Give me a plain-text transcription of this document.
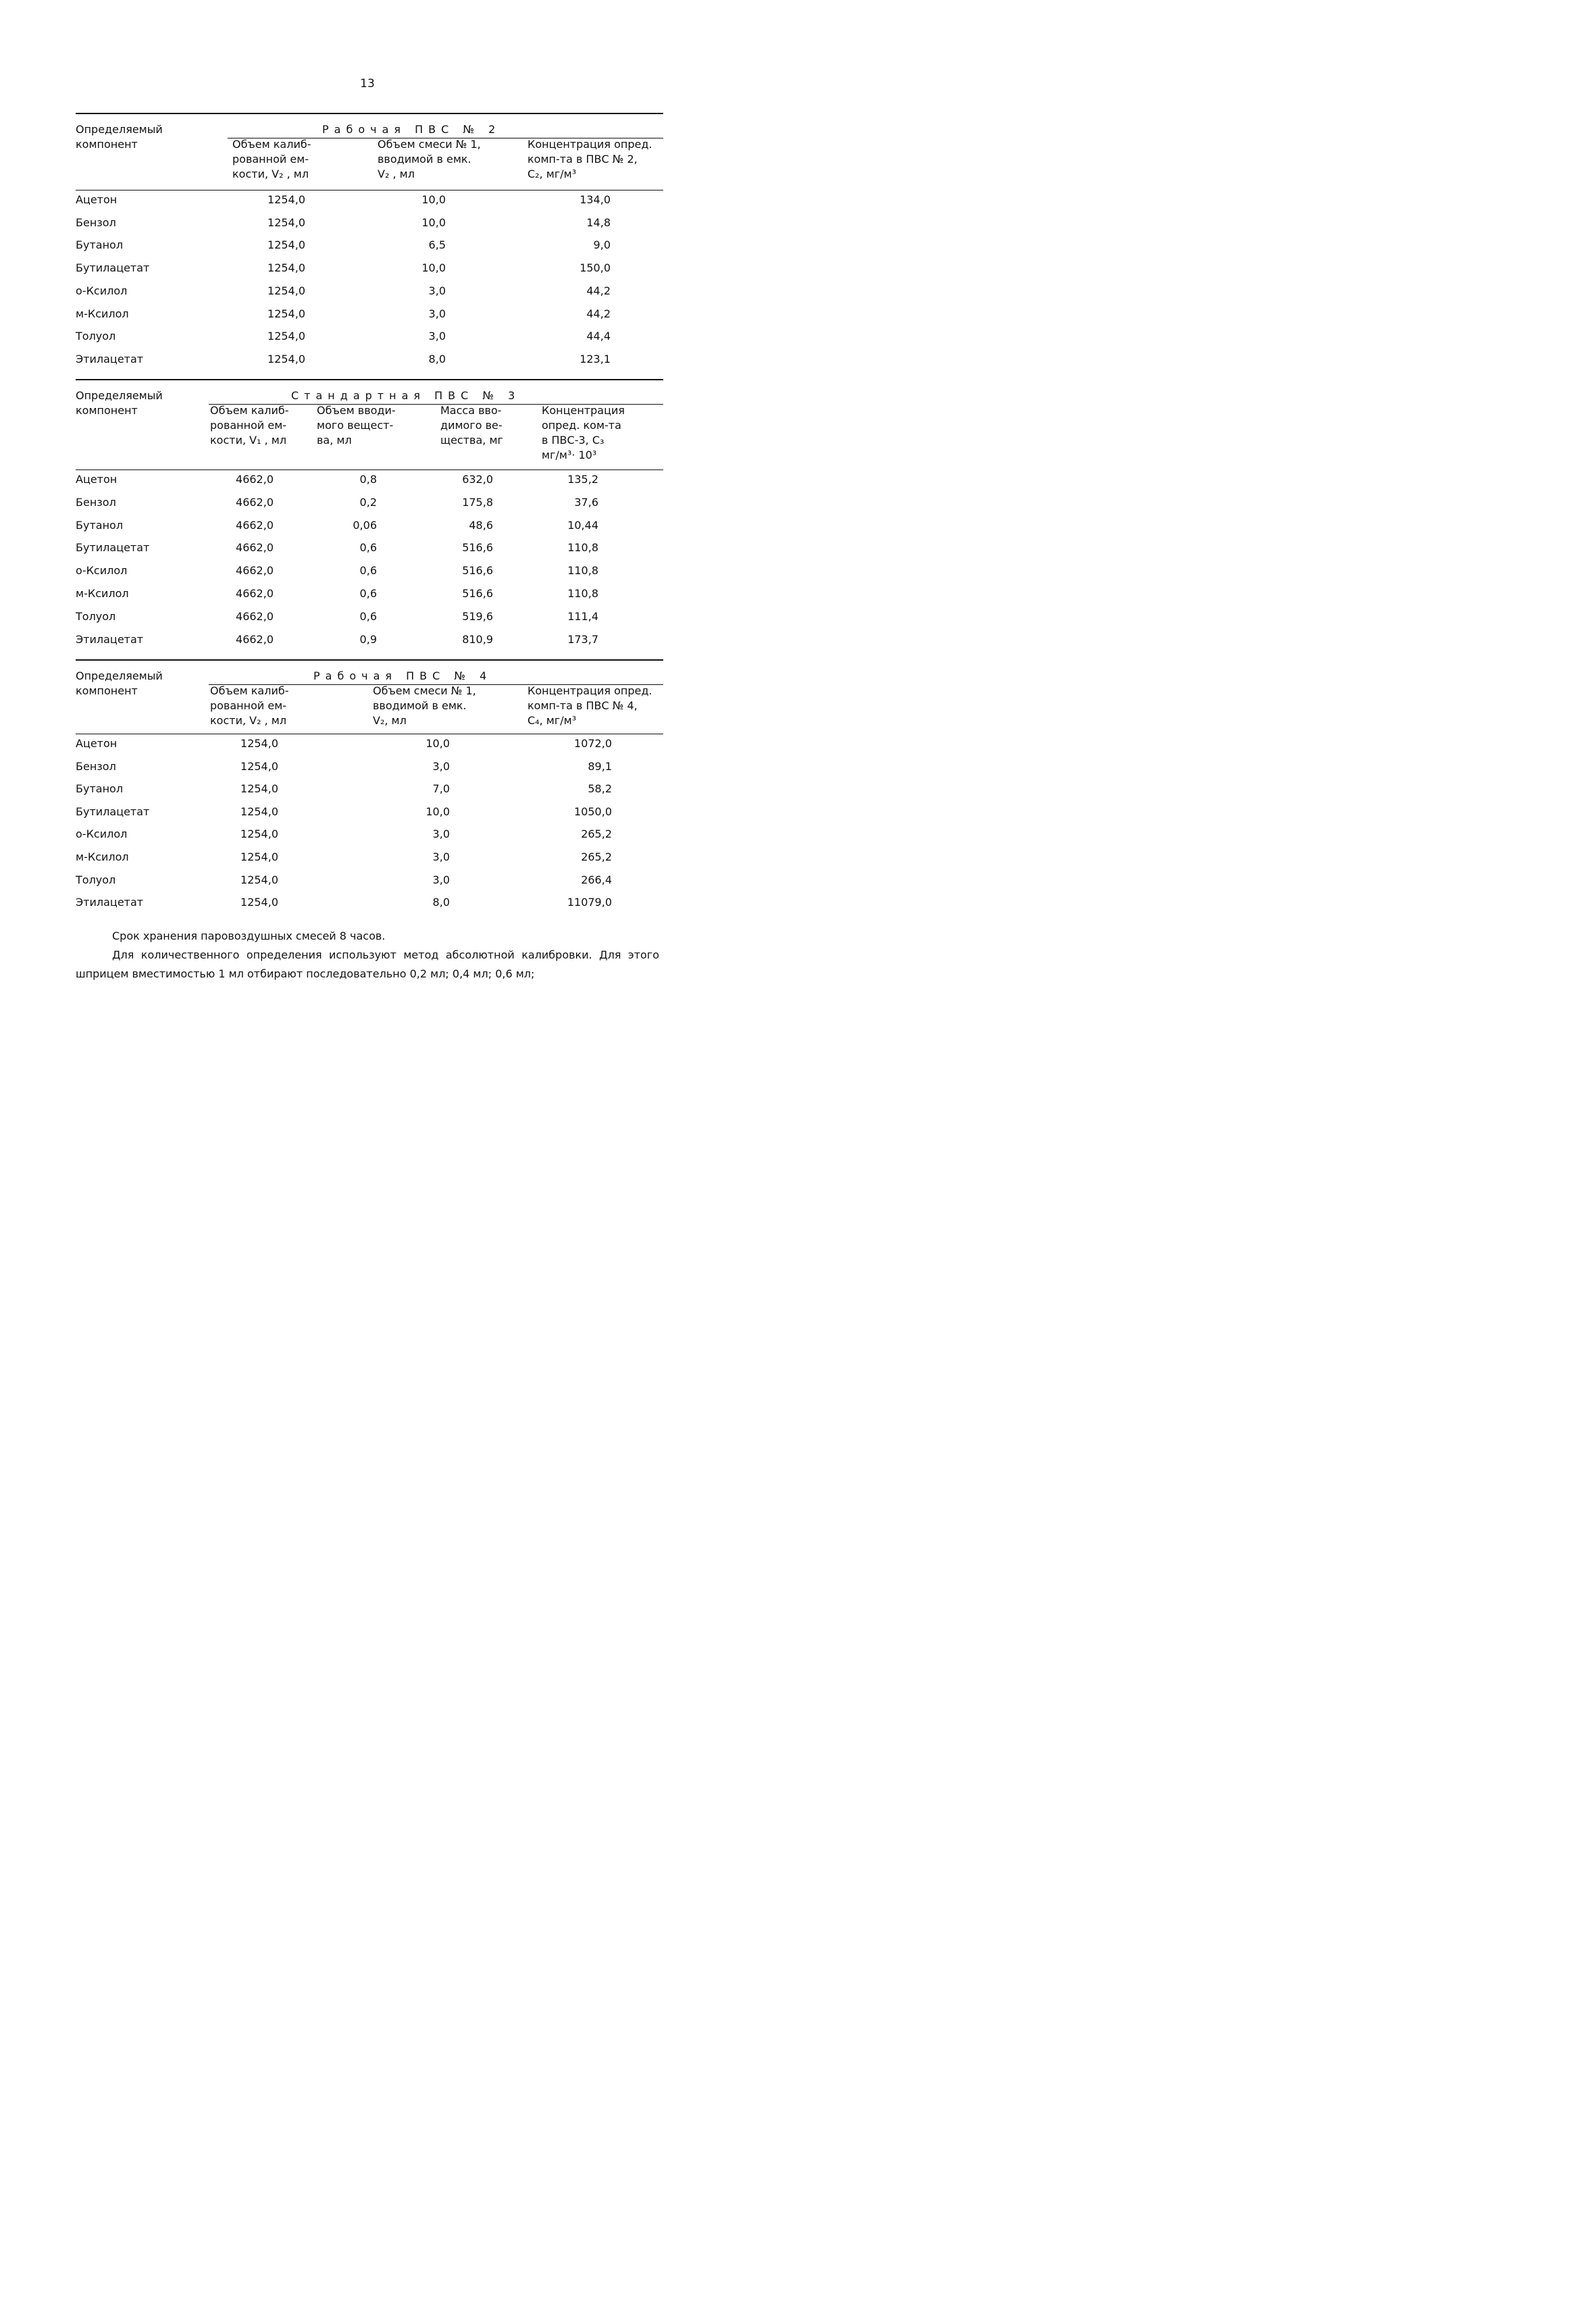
13
Определяемый компонент
Рабочая ПВС № 2
Объем калиб-
рованной ем-
кости, V₂ , мл
Объем смеси № 1,
вводимой в емк.
V₂ , мл
Концентрация опред.
комп-та в ПВС № 2,
C₂, мг/м³
Ацетон	1254,0	10,0	134,0
Бензол	1254,0	10,0	14,8
Бутанол	1254,0	6,5	9,0
Бутилацетат	1254,0	10,0	150,0
о-Ксилол	1254,0	3,0	44,2
м-Ксилол	1254,0	3,0	44,2
Толуол	1254,0	3,0	44,4
Этилацетат	1254,0	8,0	123,1
Определяемый компонент
Стандартная ПВС № 3
Объем калиб-
рованной ем-
кости, V₁ , мл
Объем вводи-
мого вещест-
ва, мл
Масса вво-
димого ве-
щества, мг
Концентрация
опред. ком-та
в ПВС-3, C₃
мг/м³· 10³
Ацетон	4662,0	0,8	632,0	135,2
Бензол	4662,0	0,2	175,8	37,6
Бутанол	4662,0	0,06	48,6	10,44
Бутилацетат	4662,0	0,6	516,6	110,8
о-Ксилол	4662,0	0,6	516,6	110,8
м-Ксилол	4662,0	0,6	516,6	110,8
Толуол	4662,0	0,6	519,6	111,4
Этилацетат	4662,0	0,9	810,9	173,7
Определяемый компонент
Рабочая ПВС № 4
Объем калиб-
рованной ем-
кости, V₂ , мл
Объем смеси № 1,
вводимой в емк.
V₂, мл
Концентрация опред.
комп-та в ПВС № 4,
C₄, мг/м³
Ацетон	1254,0	10,0	1072,0
Бензол	1254,0	3,0	89,1
Бутанол	1254,0	7,0	58,2
Бутилацетат	1254,0	10,0	1050,0
о-Ксилол	1254,0	3,0	265,2
м-Ксилол	1254,0	3,0	265,2
Толуол	1254,0	3,0	266,4
Этилацетат	1254,0	8,0	11079,0

Срок хранения паровоздушных смесей 8 часов.

Для количественного определения используют метод абсолютной калибровки. Для этого шприцем вместимостью 1 мл отбирают последовательно 0,2 мл; 0,4 мл; 0,6 мл;
